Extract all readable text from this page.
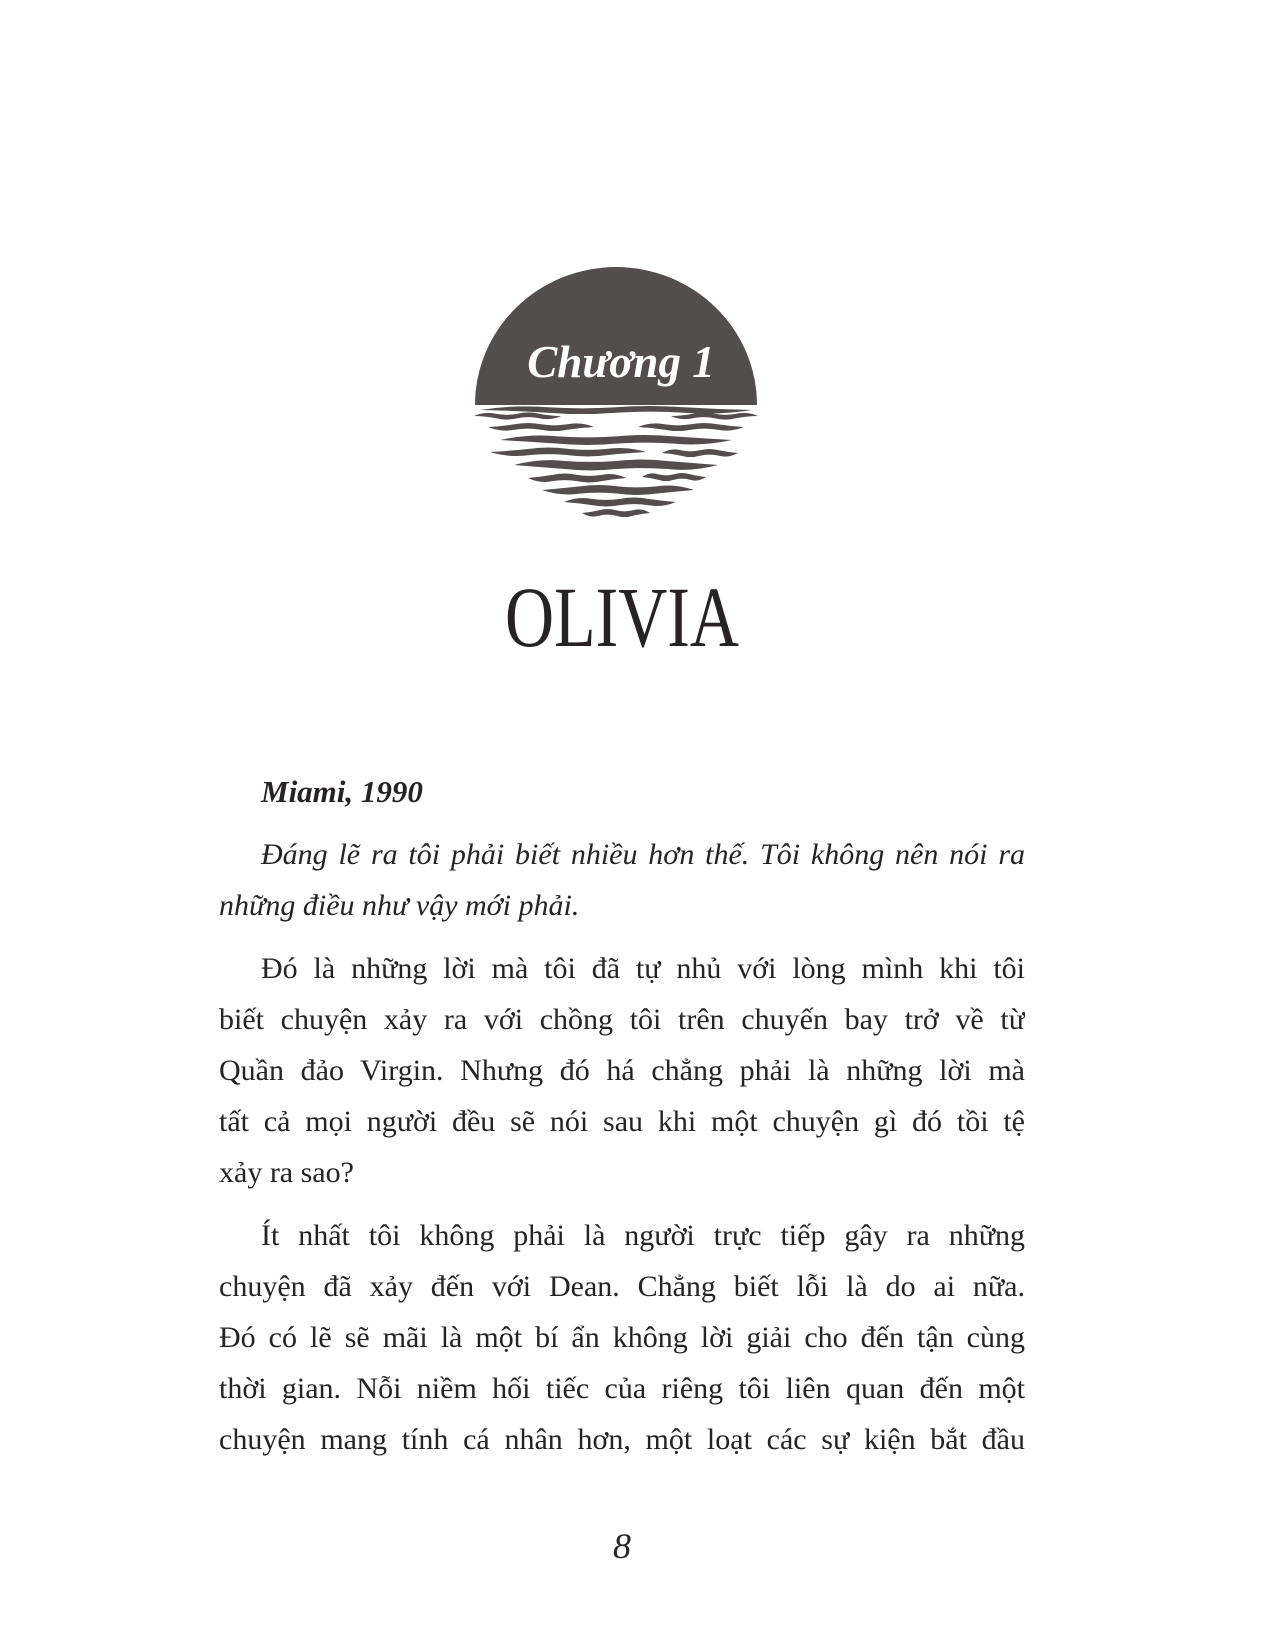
Chương 1
OLIVIA
Miami, 1990
Đáng lẽ ra tôi phải biết nhiều hơn thế. Tôi không nên nói ra
những điều như vậy mới phải.
Đó là những lời mà tôi đã tự nhủ với lòng mình khi tôi
biết chuyện xảy ra với chồng tôi trên chuyến bay trở về từ
Quần đảo Virgin. Nhưng đó há chẳng phải là những lời mà
tất cả mọi người đều sẽ nói sau khi một chuyện gì đó tồi tệ
xảy ra sao?
Ít nhất tôi không phải là người trực tiếp gây ra những
chuyện đã xảy đến với Dean. Chẳng biết lỗi là do ai nữa.
Đó có lẽ sẽ mãi là một bí ẩn không lời giải cho đến tận cùng
thời gian. Nỗi niềm hối tiếc của riêng tôi liên quan đến một
chuyện mang tính cá nhân hơn, một loạt các sự kiện bắt đầu
8
